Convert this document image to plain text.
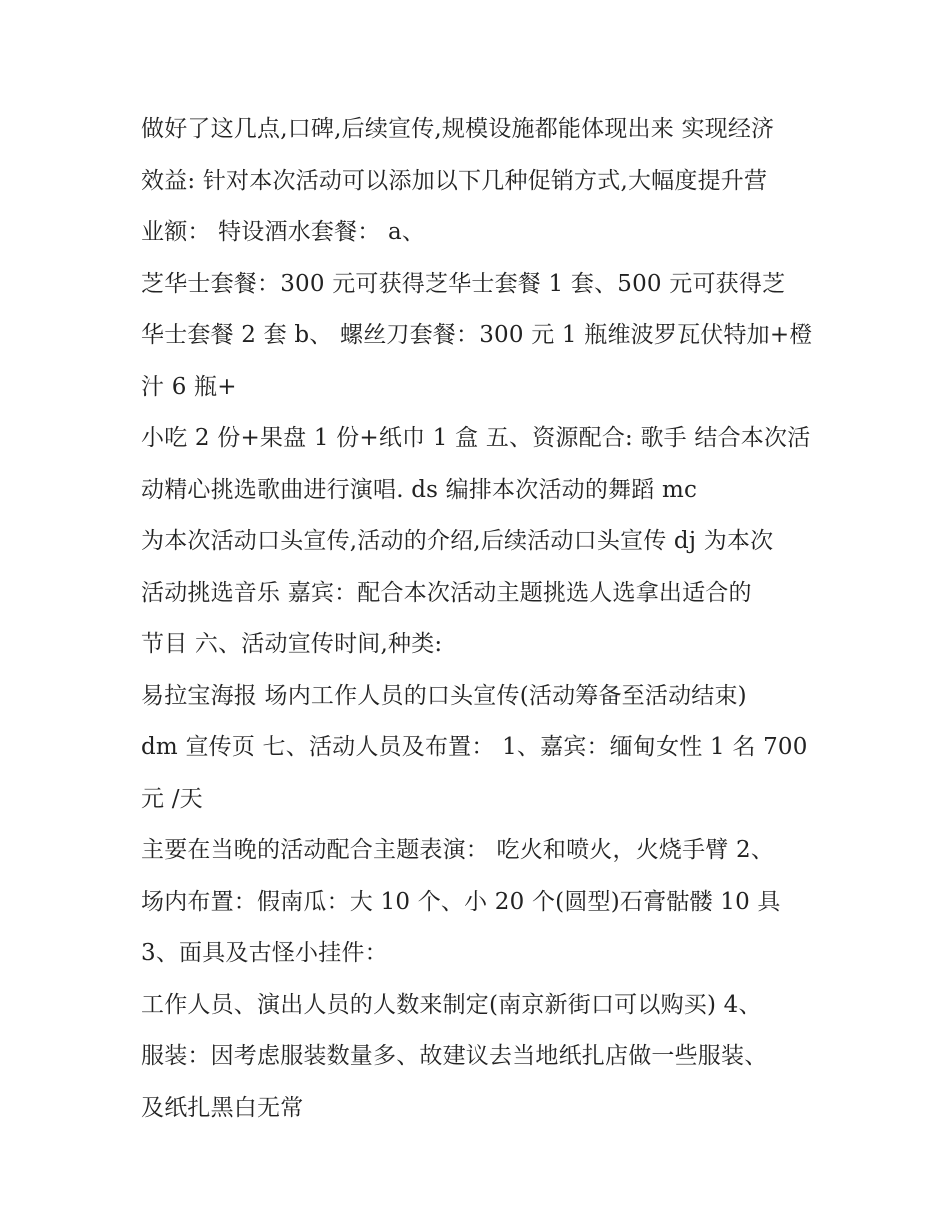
做好了这几点,口碑,后续宣传,规模设施都能体现出来 实现经济
效益: 针对本次活动可以添加以下几种促销方式,大幅度提升营
业额： 特设酒水套餐： a、
芝华士套餐：300 元可获得芝华士套餐 1 套、500 元可获得芝
华士套餐 2 套 b、 螺丝刀套餐：300 元 1 瓶维波罗瓦伏特加+橙
汁 6 瓶+
小吃 2 份+果盘 1 份+纸巾 1 盒 五、资源配合: 歌手 结合本次活
动精心挑选歌曲进行演唱. ds 编排本次活动的舞蹈 mc
为本次活动口头宣传,活动的介绍,后续活动口头宣传 dj 为本次
活动挑选音乐 嘉宾：配合本次活动主题挑选人选拿出适合的
节目 六、活动宣传时间,种类:
易拉宝海报 场内工作人员的口头宣传(活动筹备至活动结束)
dm 宣传页 七、活动人员及布置： 1、嘉宾：缅甸女性 1 名 700
元 /天
主要在当晚的活动配合主题表演： 吃火和喷火，火烧手臂 2、
场内布置：假南瓜：大 10 个、小 20 个(圆型)石膏骷髅 10 具
3、面具及古怪小挂件：
工作人员、演出人员的人数来制定(南京新街口可以购买) 4、
服装：因考虑服装数量多、故建议去当地纸扎店做一些服装、
及纸扎黑白无常
